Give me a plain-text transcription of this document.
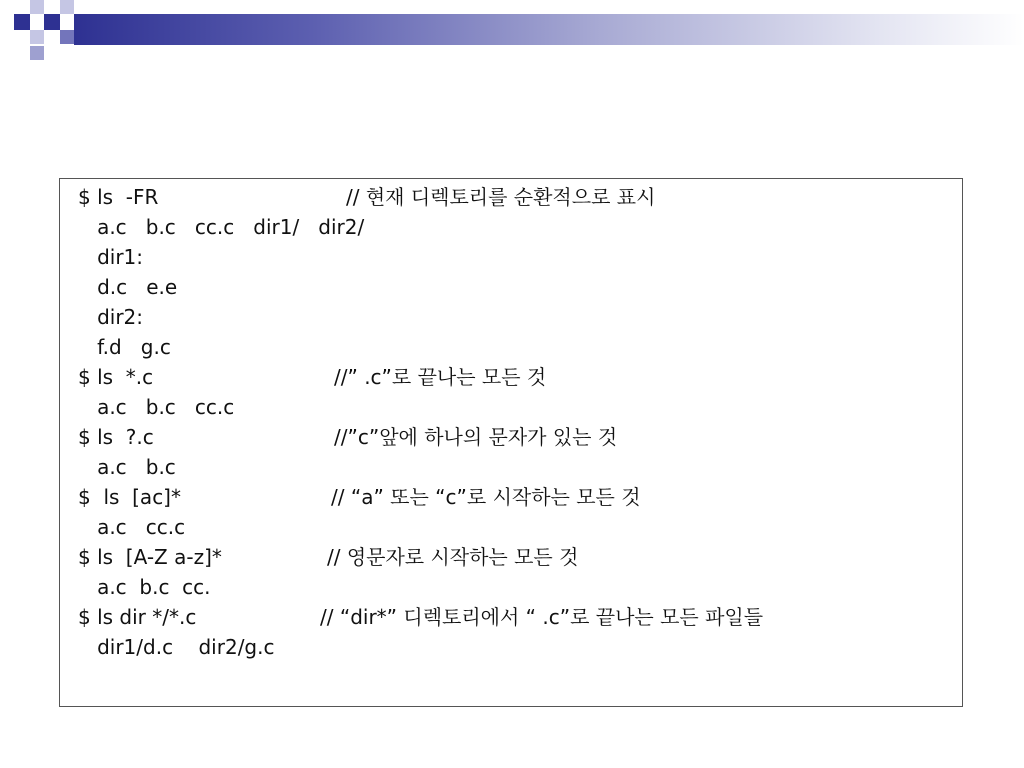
$ ls  -FR

	// 현재 디렉토리를 순환적으로 표시

a.c   b.c   cc.c   dir1/   dir2/

dir1:

d.c   e.e

dir2:

f.d   g.c

$ ls  *.c

	//” .c”로 끝나는 모든 것

a.c   b.c   cc.c

$ ls  ?.c

	//”c”앞에 하나의 문자가 있는 것

a.c   b.c

$  ls  [ac]*

	// “a” 또는 “c”로 시작하는 모든 것

a.c   cc.c

$ ls  [A-Z a-z]*

	// 영문자로 시작하는 모든 것

a.c  b.c  cc.

$ ls dir */*.c

	// “dir*” 디렉토리에서 “ .c”로 끝나는 모든 파일들

dir1/d.c    dir2/g.c
